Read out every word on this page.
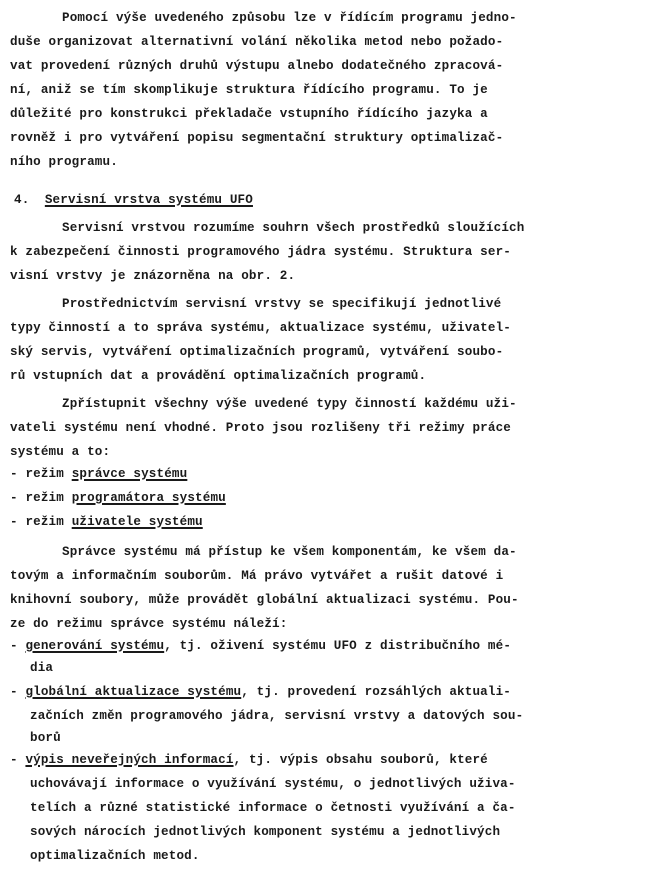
Pomocí výše uvedeného způsobu lze v řídícím programu jedno-
duše organizovat alternativní volání několika metod nebo požado-
vat provedení různých druhů výstupu alnebo dodatečného zpracová-
ní, aniž se tím skomplikuje struktura řídícího programu. To je
důležité pro konstrukci překladače vstupního řídícího jazyka a
rovněž i pro vytváření popisu segmentační struktury optimalizač-
ního programu.
4. Servisní vrstva systému UFO
Servisní vrstvou rozumíme souhrn všech prostředků sloužících
k zabezpečení činnosti programového jádra systému. Struktura ser-
visní vrstvy je znázorněna na obr. 2.
Prostřednictvím servisní vrstvy se specifikují jednotlivé
typy činností a to správa systému, aktualizace systému, uživatel-
ský servis, vytváření optimalizačních programů, vytváření soubo-
rů vstupních dat a provádění optimalizačních programů.
Zpřístupnit všechny výše uvedené typy činností každému uži-
vateli systému není vhodné. Proto jsou rozlišeny tři režimy práce
systému a to:
- režim správce systému
- režim programátora systému
- režim uživatele systému
Správce systému má přístup ke všem komponentám, ke všem da-
tovým a informačním souborům. Má právo vytvářet a rušit datové i
knihovní soubory, může provádět globální aktualizaci systému. Pou-
ze do režimu správce systému náleží:
- generování systému, tj. oživení systému UFO z distribučního mé-
dia
- globální aktualizace systému, tj. provedení rozsáhlých aktuali-
začních změn programového jádra, servisní vrstvy a datových sou-
borů
- výpis neveřejných informací, tj. výpis obsahu souborů, které
uchovávají informace o využívání systému, o jednotlivých uživa-
telích a různé statistické informace o četnosti využívání a ča-
sových nárocích jednotlivých komponent systému a jednotlivých
optimalizačních metod.
